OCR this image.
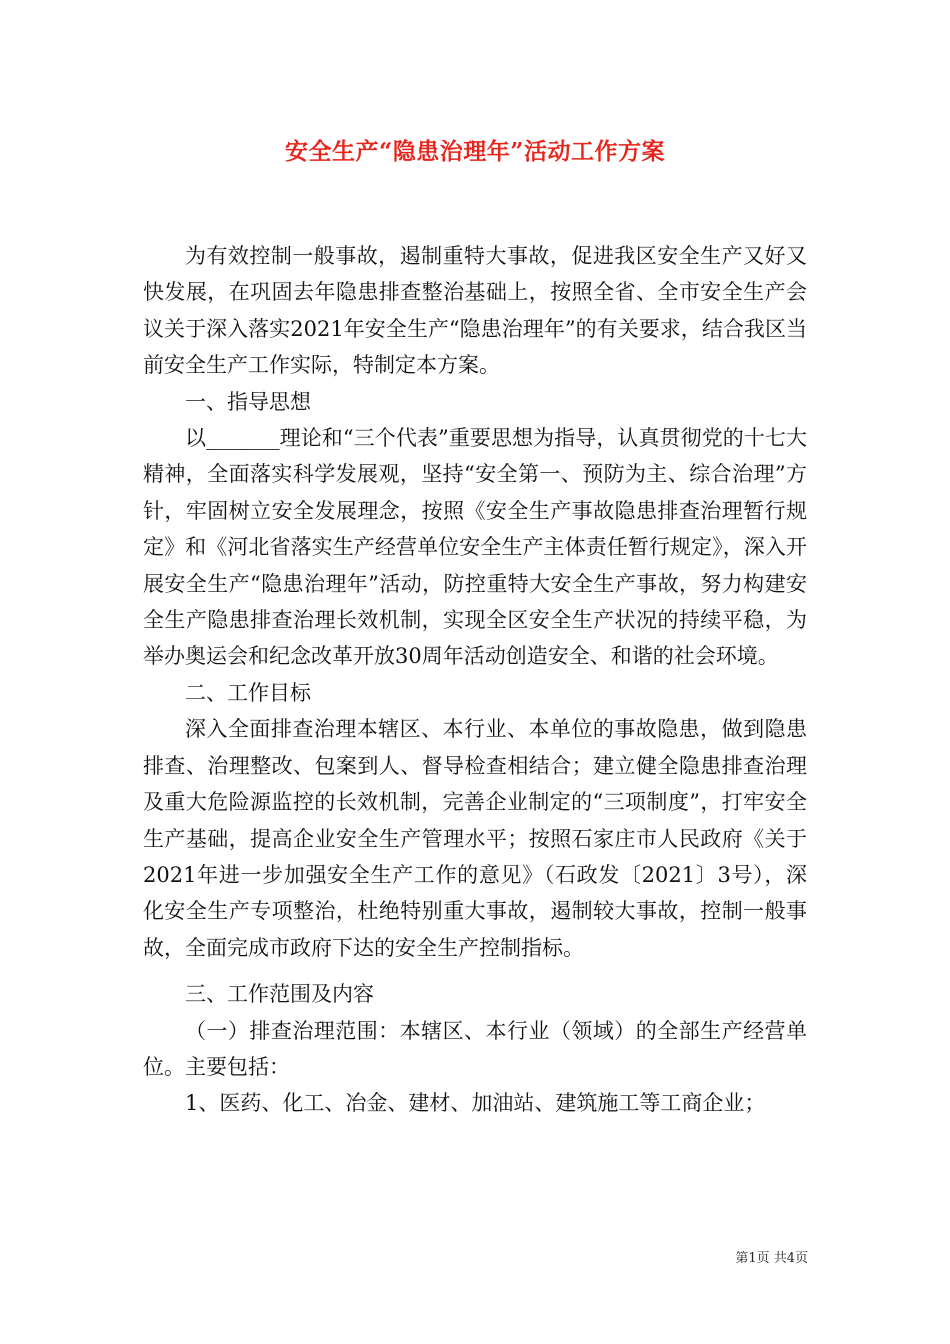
安全生产“隐患治理年”活动工作方案

为有效控制一般事故，遏制重特大事故，促进我区安全生产又好又快发展，在巩固去年隐患排查整治基础上，按照全省、全市安全生产会议关于深入落实2021年安全生产“隐患治理年”的有关要求，结合我区当前安全生产工作实际，特制定本方案。

一、指导思想

以_______理论和“三个代表”重要思想为指导，认真贯彻党的十七大精神，全面落实科学发展观，坚持“安全第一、预防为主、综合治理”方针，牢固树立安全发展理念，按照《安全生产事故隐患排查治理暂行规定》和《河北省落实生产经营单位安全生产主体责任暂行规定》，深入开展安全生产“隐患治理年”活动，防控重特大安全生产事故，努力构建安全生产隐患排查治理长效机制，实现全区安全生产状况的持续平稳，为举办奥运会和纪念改革开放30周年活动创造安全、和谐的社会环境。

二、工作目标

深入全面排查治理本辖区、本行业、本单位的事故隐患，做到隐患排查、治理整改、包案到人、督导检查相结合；建立健全隐患排查治理及重大危险源监控的长效机制，完善企业制定的“三项制度”，打牢安全生产基础，提高企业安全生产管理水平；按照石家庄市人民政府《关于2021年进一步加强安全生产工作的意见》（石政发〔2021〕3号），深化安全生产专项整治，杜绝特别重大事故，遏制较大事故，控制一般事故，全面完成市政府下达的安全生产控制指标。

三、工作范围及内容

（一）排查治理范围：本辖区、本行业（领域）的全部生产经营单位。主要包括：

1、医药、化工、冶金、建材、加油站、建筑施工等工商企业；

第1页 共4页
